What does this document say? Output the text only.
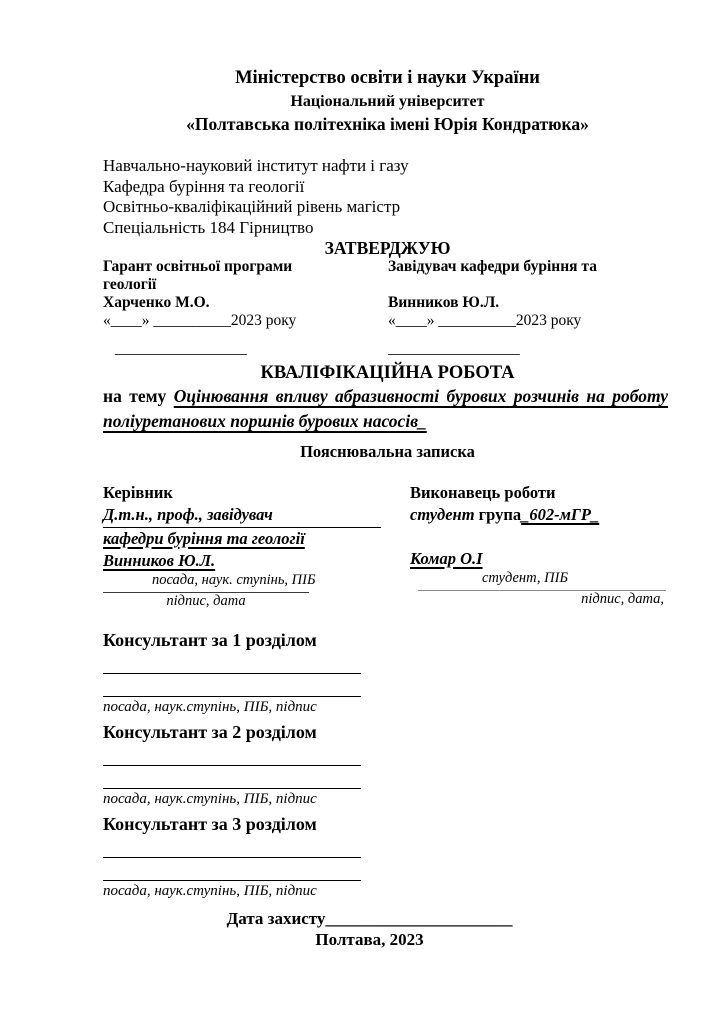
Міністерство освіти і науки України
Національний університет
«Полтавська політехніка імені Юрія Кондратюка»
Навчально-науковий інститут нафти і газу
Кафедра буріння та геології
Освітньо-кваліфікаційний рівень магістр
Спеціальність 184 Гірництво
ЗАТВЕРДЖУЮ
Гарант освітньої програми
геології
Харченко М.О.
«____» __________2023 року
_________________
Завідувач кафедри буріння та
Винников Ю.Л.
«____» __________2023 року
_________________
КВАЛІФІКАЦІЙНА РОБОТА

на тему Оцінювання впливу абразивності бурових розчинів на роботу поліуретанових поршнів бурових насосів_

Пояснювальна записка
Керівник
Д.т.н., проф., завідувач
кафедри буріння та геології
Винников Ю.Л.
посада, наук. ступінь, ПІБ
підпис, дата
Виконавець роботи
студент група_602-мГР_
Комар О.І
студент, ПІБ
підпис, дата,
Консультант за 1 розділом
посада, наук.ступінь, ПІБ, підпис
Консультант за 2 розділом
посада, наук.ступінь, ПІБ, підпис
Консультант за 3 розділом
посада, наук.ступінь, ПІБ, підпис
Дата захисту______________________
Полтава, 2023
